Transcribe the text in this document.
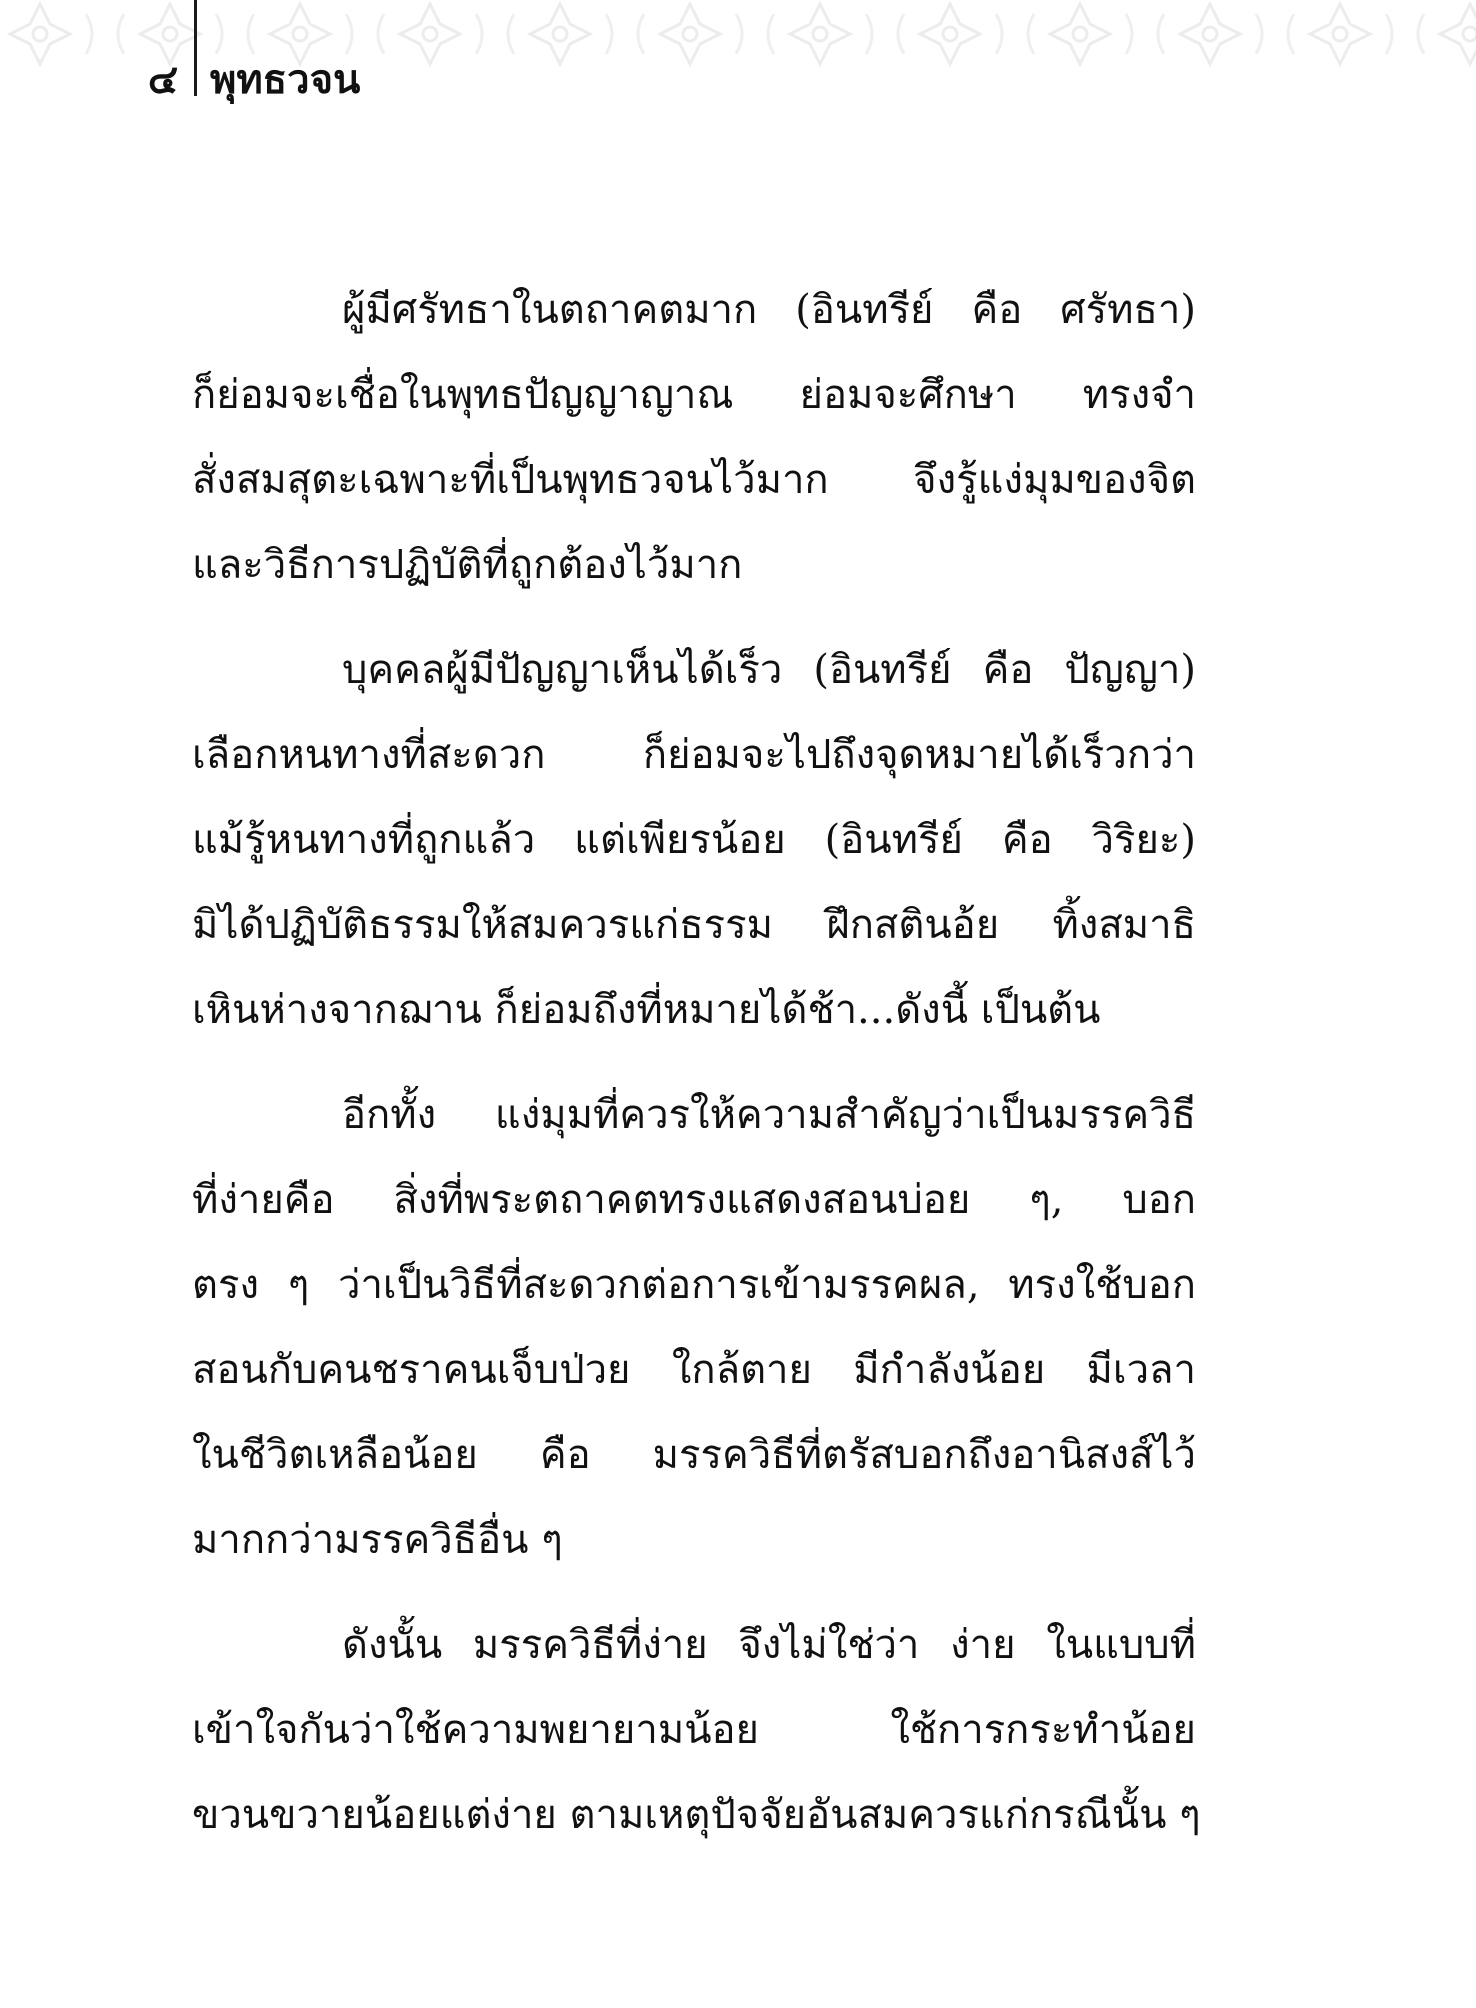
๔ พุทธวจน
ผู้มีศรัทธาในตถาคตมาก (อินทรีย์ คือ ศรัทธา)
ก็ย่อมจะเชื่อในพุทธปัญญาญาณ ย่อมจะศึกษา ทรงจำ
สั่งสมสุตะเฉพาะที่เป็นพุทธวจนไว้มาก จึงรู้แง่มุมของจิต
และวิธีการปฏิบัติที่ถูกต้องไว้มาก
บุคคลผู้มีปัญญาเห็นได้เร็ว (อินทรีย์ คือ ปัญญา)
เลือกหนทางที่สะดวก ก็ย่อมจะไปถึงจุดหมายได้เร็วกว่า
แม้รู้หนทางที่ถูกแล้ว แต่เพียรน้อย (อินทรีย์ คือ วิริยะ)
มิได้ปฏิบัติธรรมให้สมควรแก่ธรรม ฝึกสตินอ้ย ทิ้งสมาธิ
เหินห่างจากฌาน ก็ย่อมถึงที่หมายได้ช้า...ดังนี้ เป็นต้น
อีกทั้ง แง่มุมที่ควรให้ความสำคัญว่าเป็นมรรควิธี
ที่ง่ายคือ สิ่งที่พระตถาคตทรงแสดงสอนบ่อย ๆ, บอก
ตรง ๆ ว่าเป็นวิธีที่สะดวกต่อการเข้ามรรคผล, ทรงใช้บอก
สอนกับคนชราคนเจ็บป่วย ใกล้ตาย มีกำลังน้อย มีเวลา
ในชีวิตเหลือน้อย คือ มรรควิธีที่ตรัสบอกถึงอานิสงส์ไว้
มากกว่ามรรควิธีอื่น ๆ
ดังนั้น มรรควิธีที่ง่าย จึงไม่ใช่ว่า ง่าย ในแบบที่
เข้าใจกันว่าใช้ความพยายามน้อย ใช้การกระทำน้อย
ขวนขวายน้อยแต่ง่าย ตามเหตุปัจจัยอันสมควรแก่กรณีนั้น ๆ
